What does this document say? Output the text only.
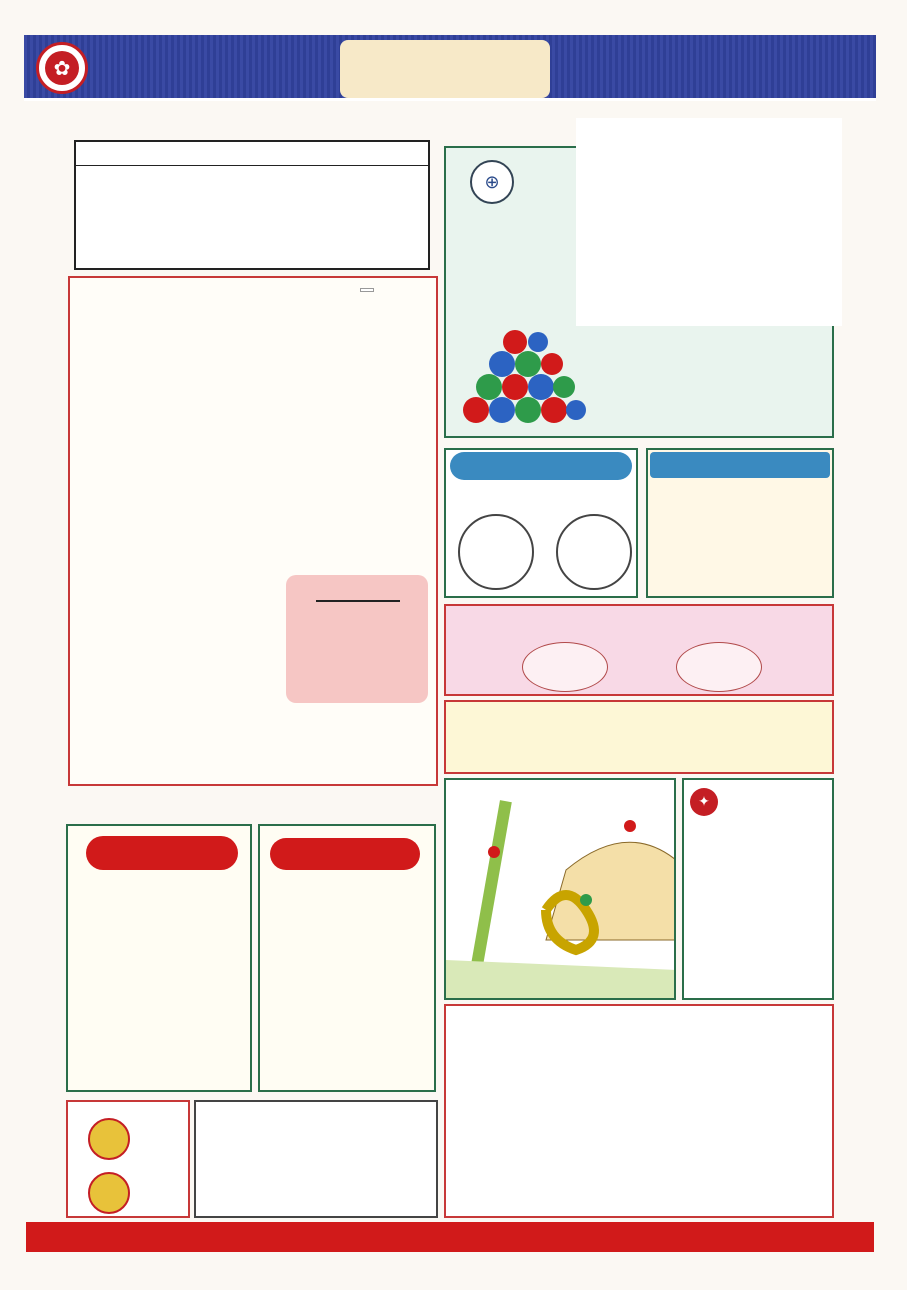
✿
⊕
✦
